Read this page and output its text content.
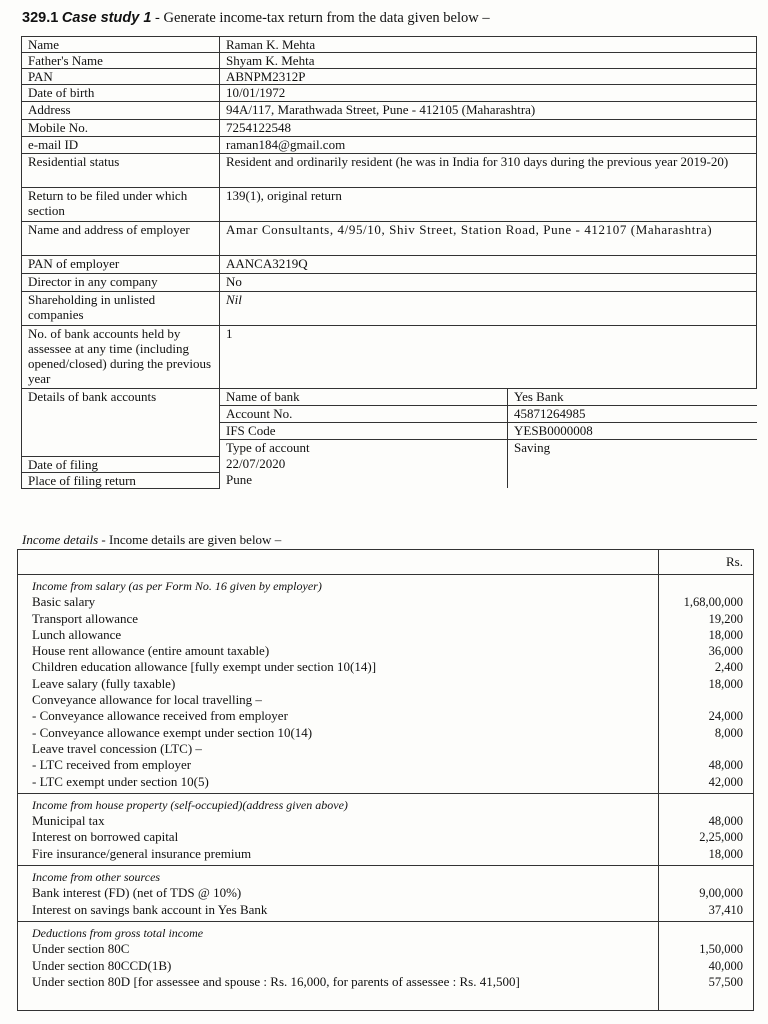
329.1 Case study 1 - Generate income-tax return from the data given below –
Name	Raman K. Mehta
Father's Name	Shyam K. Mehta
PAN	ABNPM2312P
Date of birth	10/01/1972
Address	94A/117, Marathwada Street, Pune - 412105 (Maharashtra)
Mobile No.	7254122548
e-mail ID	raman184@gmail.com
Residential status	Resident and ordinarily resident (he was in India for 310 days during the previous year 2019-20)
Return to be filed under which section	139(1), original return
Name and address of employer	Amar Consultants, 4/95/10, Shiv Street, Station Road, Pune - 412107 (Maharashtra)
PAN of employer	AANCA3219Q
Director in any company	No
Shareholding in unlisted companies	Nil
No. of bank accounts held by assessee at any time (including opened/closed) during the previous year	1
Details of bank accounts		Name of bank	Yes Bank
Account No.	45871264985
IFS Code	YESB0000008
Type of account	Saving

Date of filing		22/07/2020	

Place of filing return		Pune	
Income details - Income details are given below –
Rs.
Income from salary (as per Form No. 16 given by employer)
Basic salary	1,68,00,000
Transport allowance	19,200
Lunch allowance	18,000
House rent allowance (entire amount taxable)	36,000
Children education allowance [fully exempt under section 10(14)]	2,400
Leave salary (fully taxable)	18,000
Conveyance allowance for local travelling –
- Conveyance allowance received from employer	24,000
- Conveyance allowance exempt under section 10(14)	8,000
Leave travel concession (LTC) –
- LTC received from employer	48,000
- LTC exempt under section 10(5)	42,000
Income from house property (self-occupied)(address given above)
Municipal tax	48,000
Interest on borrowed capital	2,25,000
Fire insurance/general insurance premium	18,000
Income from other sources
Bank interest (FD) (net of TDS @ 10%)	9,00,000
Interest on savings bank account in Yes Bank	37,410
Deductions from gross total income
Under section 80C	1,50,000
Under section 80CCD(1B)	40,000
Under section 80D [for assessee and spouse : Rs. 16,000, for parents of assessee : Rs. 41,500]	57,500
